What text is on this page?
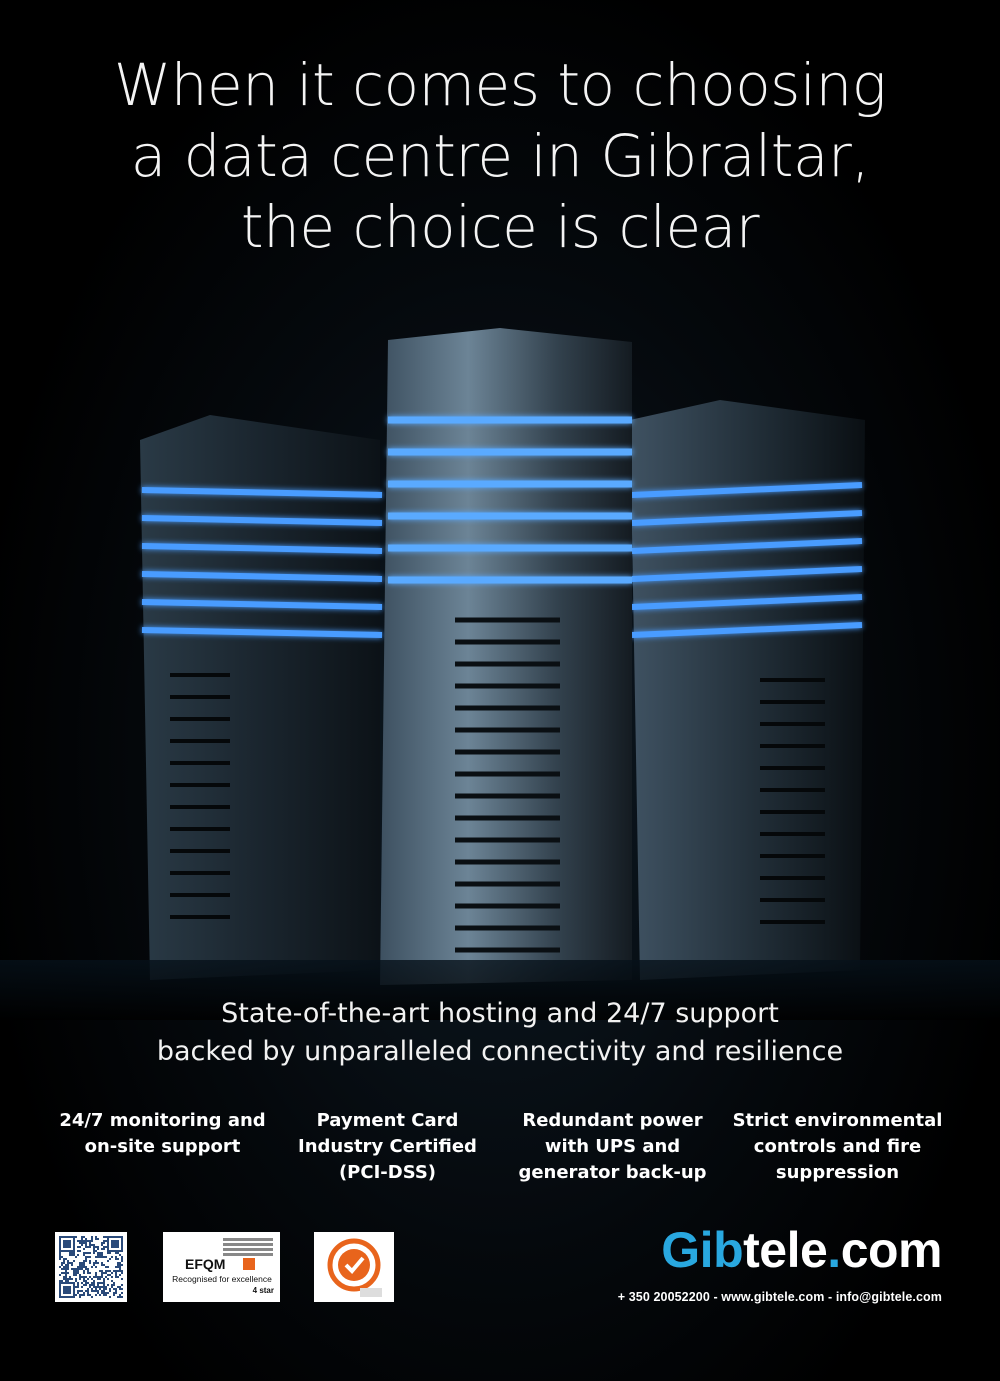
When it comes to choosing
a data centre in Gibraltar,
the choice is clear
State-of-the-art hosting and 24/7 support
backed by unparalleled connectivity and resilience
24/7 monitoring and
on-site support
Payment Card
Industry Certified
(PCI-DSS)
Redundant power
with UPS and
generator back-up
Strict environmental
controls and fire
suppression
EFQM
Recognised for excellence
4 star
Gibtele.com
+ 350 20052200 - www.gibtele.com - info@gibtele.com
